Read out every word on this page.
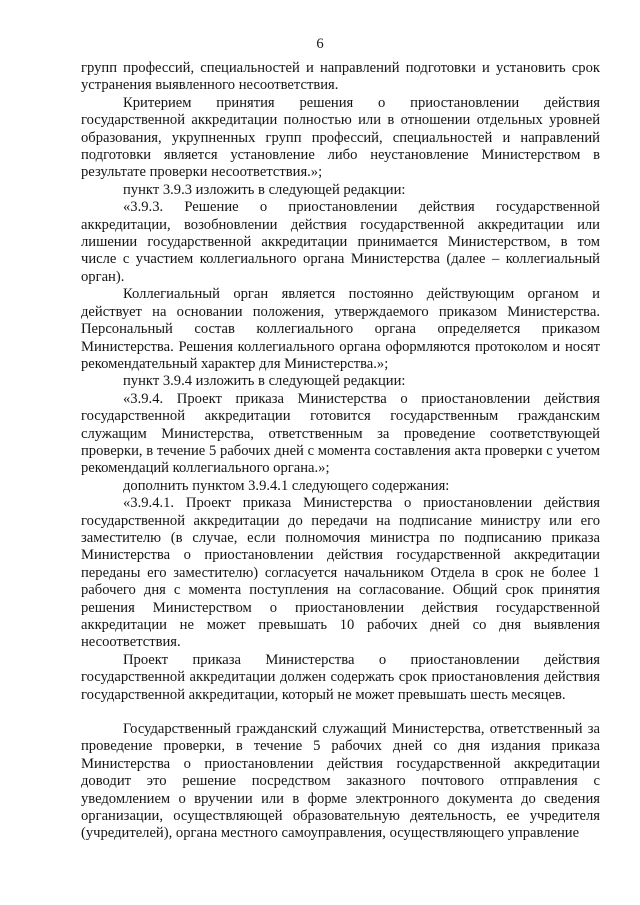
6

групп профессий, специальностей и направлений подготовки и установить срок устранения выявленного несоответствия.

Критерием принятия решения о приостановлении действия государственной аккредитации полностью или в отношении отдельных уровней образования, укрупненных групп профессий, специальностей и направлений подготовки является установление либо неустановление Министерством в результате проверки несоответствия.»;

пункт 3.9.3 изложить в следующей редакции:

«3.9.3. Решение о приостановлении действия государственной аккредитации, возобновлении действия государственной аккредитации или лишении государственной аккредитации принимается Министерством, в том числе с участием коллегиального органа Министерства (далее – коллегиальный орган).

Коллегиальный орган является постоянно действующим органом и действует на основании положения, утверждаемого приказом Министерства. Персональный состав коллегиального органа определяется приказом Министерства. Решения коллегиального органа оформляются протоколом и носят рекомендательный характер для Министерства.»;

пункт 3.9.4 изложить в следующей редакции:

«3.9.4. Проект приказа Министерства о приостановлении действия государственной аккредитации готовится государственным гражданским служащим Министерства, ответственным за проведение соответствующей проверки, в течение 5 рабочих дней с момента составления акта проверки с учетом рекомендаций коллегиального органа.»;

дополнить пунктом 3.9.4.1 следующего содержания:

«3.9.4.1. Проект приказа Министерства о приостановлении действия государственной аккредитации до передачи на подписание министру или его заместителю (в случае, если полномочия министра по подписанию приказа Министерства о приостановлении действия государственной аккредитации переданы его заместителю) согласуется начальником Отдела в срок не более 1 рабочего дня с момента поступления на согласование. Общий срок принятия решения Министерством о приостановлении действия государственной аккредитации не может превышать 10 рабочих дней со дня выявления несоответствия.

Проект приказа Министерства о приостановлении действия государственной аккредитации должен содержать срок приостановления действия государственной аккредитации, который не может превышать шесть месяцев.

Государственный гражданский служащий Министерства, ответственный за проведение проверки, в течение 5 рабочих дней со дня издания приказа Министерства о приостановлении действия государственной аккредитации доводит это решение посредством заказного почтового отправления с уведомлением о вручении или в форме электронного документа до сведения организации, осуществляющей образовательную деятельность, ее учредителя (учредителей), органа местного самоуправления, осуществляющего управление
